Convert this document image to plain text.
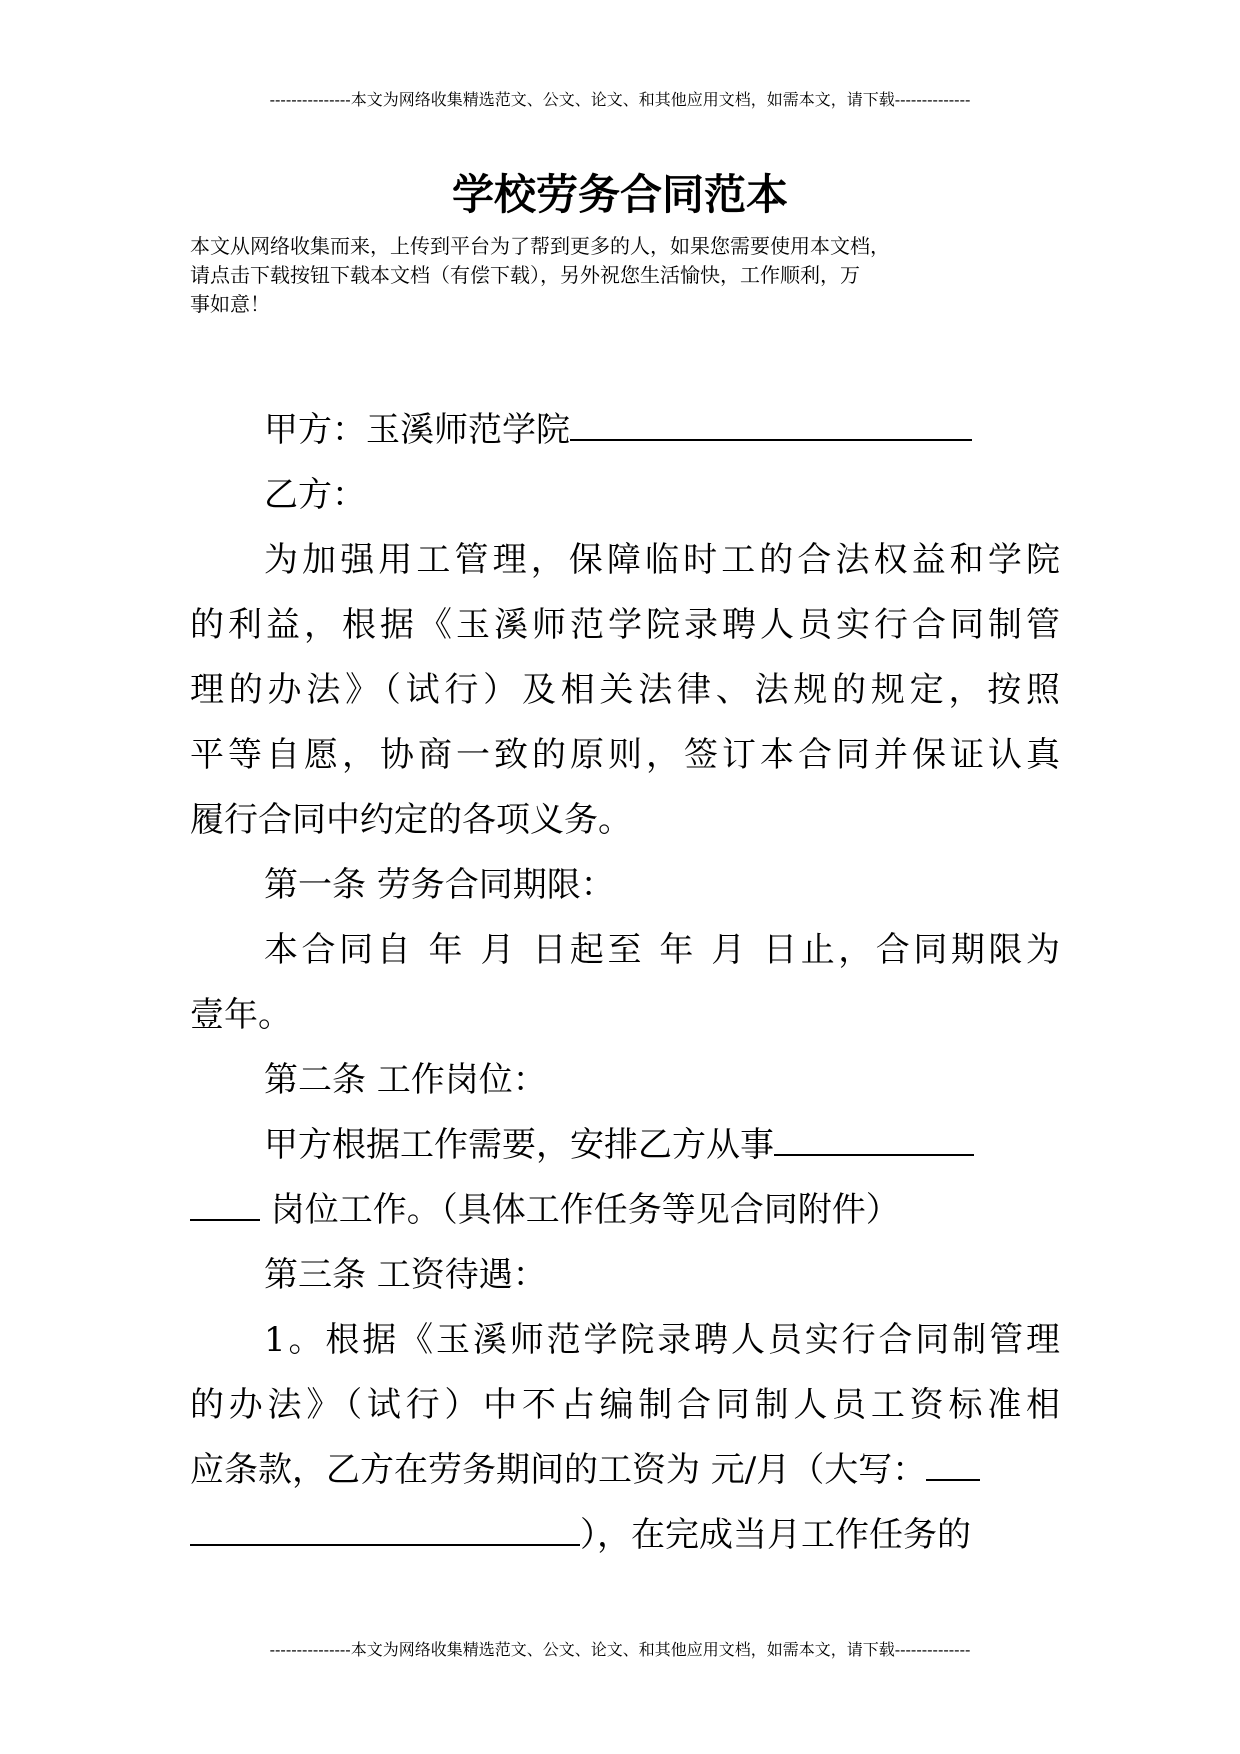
---------------本文为网络收集精选范文、公文、论文、和其他应用文档，如需本文，请下载--------------
学校劳务合同范本
本文从网络收集而来，上传到平台为了帮到更多的人，如果您需要使用本文档，
请点击下载按钮下载本文档（有偿下载），另外祝您生活愉快，工作顺利，万
事如意！
甲方：玉溪师范学院
乙方：
为加强用工管理，保障临时工的合法权益和学院
的利益，根据《玉溪师范学院录聘人员实行合同制管
理的办法》（试行）及相关法律、法规的规定，按照
平等自愿，协商一致的原则，签订本合同并保证认真
履行合同中约定的各项义务。
第一条 劳务合同期限：
本合同自 年 月 日起至 年 月 日止，合同期限为
壹年。
第二条 工作岗位：
甲方根据工作需要，安排乙方从事
岗位工作。（具体工作任务等见合同附件）
第三条 工资待遇：
1。根据《玉溪师范学院录聘人员实行合同制管理
的办法》（试行）中不占编制合同制人员工资标准相
应条款，乙方在劳务期间的工资为 元/月（大写：
），在完成当月工作任务的
---------------本文为网络收集精选范文、公文、论文、和其他应用文档，如需本文，请下载--------------
